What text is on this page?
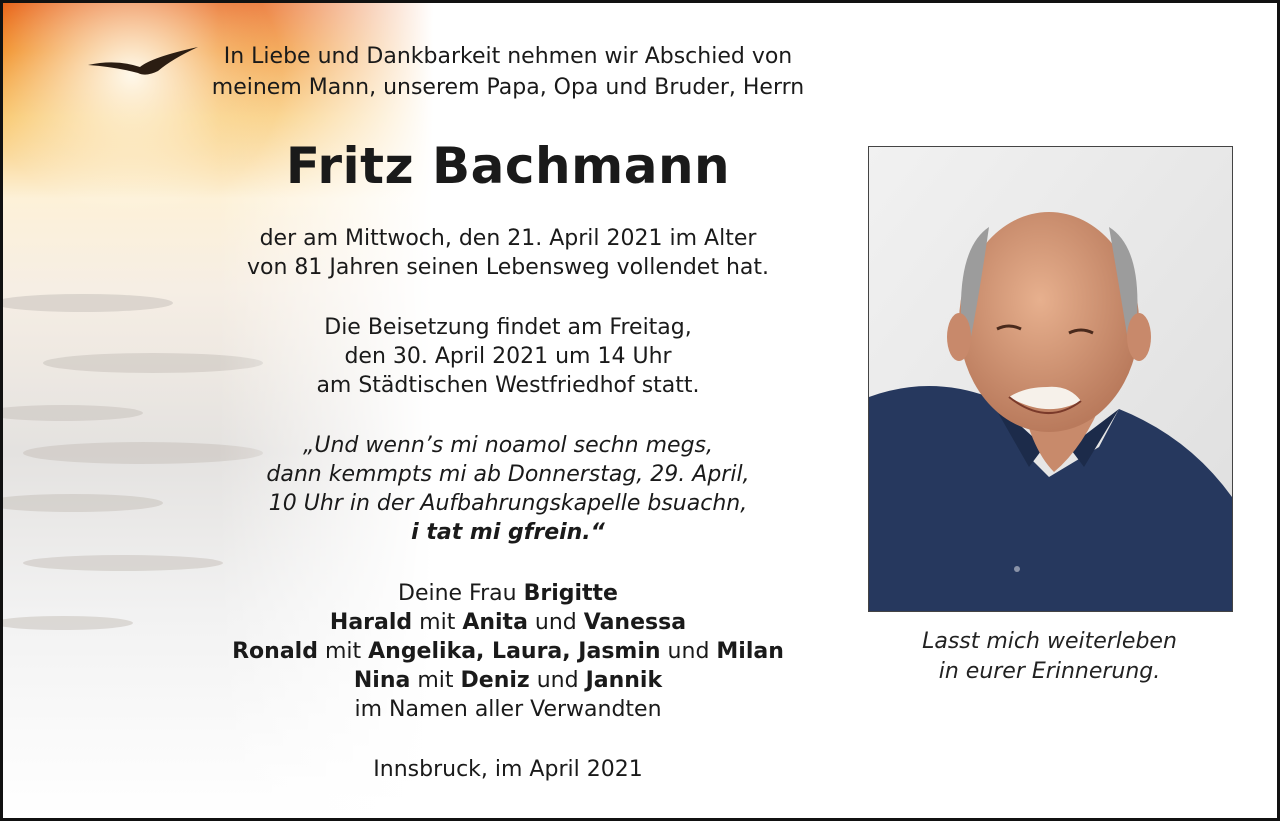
In Liebe und Dankbarkeit nehmen wir Abschied von
meinem Mann, unserem Papa, Opa und Bruder, Herrn
Fritz Bachmann
der am Mittwoch, den 21. April 2021 im Alter
von 81 Jahren seinen Lebensweg vollendet hat.
Die Beisetzung findet am Freitag,
den 30. April 2021 um 14 Uhr
am Städtischen Westfriedhof statt.
„Und wenn’s mi noamol sechn megs,
dann kemmpts mi ab Donnerstag, 29. April,
10 Uhr in der Aufbahrungskapelle bsuachn,
i tat mi gfrein.“
Deine Frau Brigitte
Harald mit Anita und Vanessa
Ronald mit Angelika, Laura, Jasmin und Milan
Nina mit Deniz und Jannik
im Namen aller Verwandten
Innsbruck, im April 2021
Lasst mich weiterleben
in eurer Erinnerung.
